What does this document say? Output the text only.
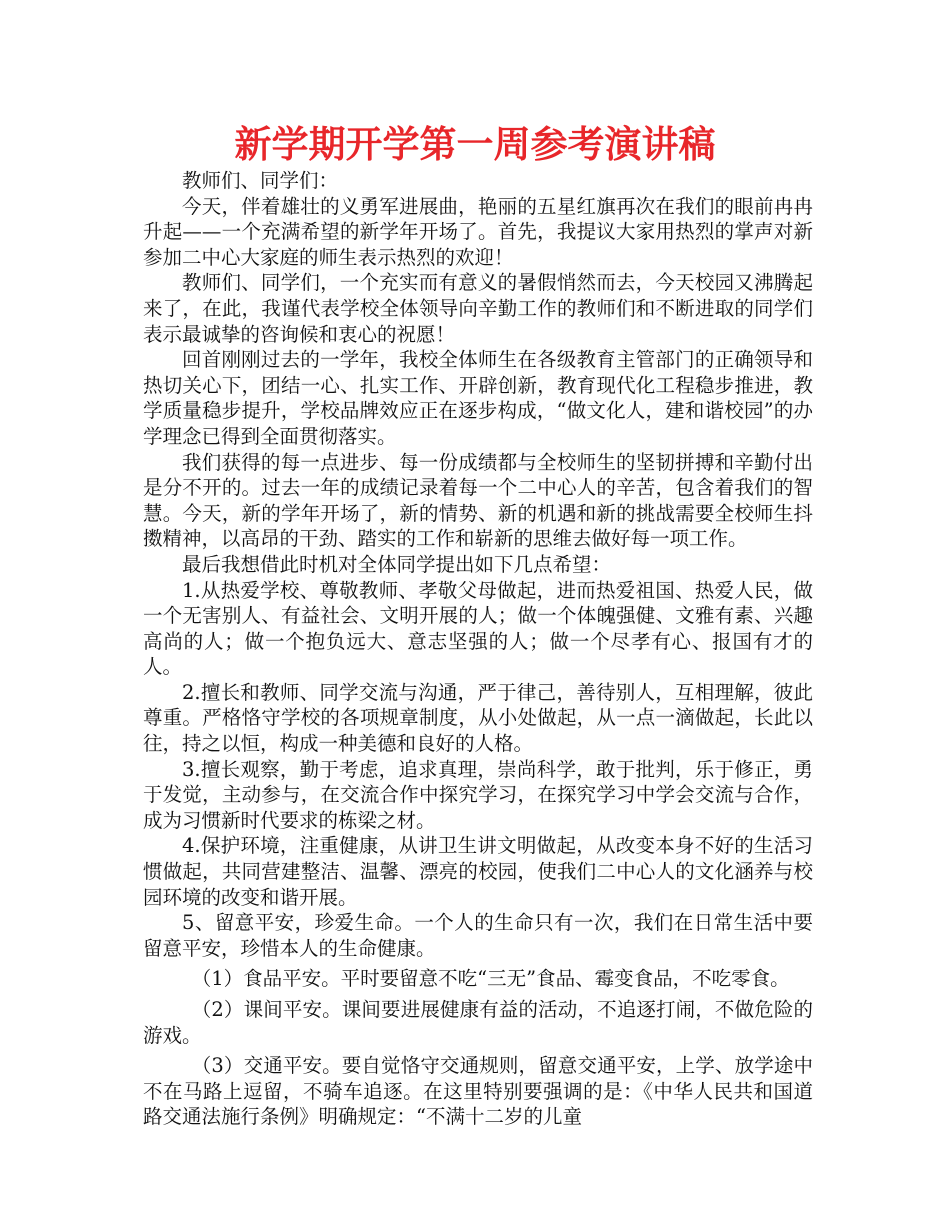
新学期开学第一周参考演讲稿

教师们、同学们：

今天，伴着雄壮的义勇军进展曲，艳丽的五星红旗再次在我们的眼前冉冉升起——一个充满希望的新学年开场了。首先，我提议大家用热烈的掌声对新参加二中心大家庭的师生表示热烈的欢迎！

教师们、同学们，一个充实而有意义的暑假悄然而去，今天校园又沸腾起来了，在此，我谨代表学校全体领导向辛勤工作的教师们和不断进取的同学们表示最诚挚的咨询候和衷心的祝愿！

回首刚刚过去的一学年，我校全体师生在各级教育主管部门的正确领导和热切关心下，团结一心、扎实工作、开辟创新，教育现代化工程稳步推进，教学质量稳步提升，学校品牌效应正在逐步构成，“做文化人，建和谐校园”的办学理念已得到全面贯彻落实。

我们获得的每一点进步、每一份成绩都与全校师生的坚韧拼搏和辛勤付出是分不开的。过去一年的成绩记录着每一个二中心人的辛苦，包含着我们的智慧。今天，新的学年开场了，新的情势、新的机遇和新的挑战需要全校师生抖擞精神，以高昂的干劲、踏实的工作和崭新的思维去做好每一项工作。

最后我想借此时机对全体同学提出如下几点希望：

1.从热爱学校、尊敬教师、孝敬父母做起，进而热爱祖国、热爱人民，做一个无害别人、有益社会、文明开展的人；做一个体魄强健、文雅有素、兴趣高尚的人；做一个抱负远大、意志坚强的人；做一个尽孝有心、报国有才的人。

2.擅长和教师、同学交流与沟通，严于律己，善待别人，互相理解，彼此尊重。严格恪守学校的各项规章制度，从小处做起，从一点一滴做起，长此以往，持之以恒，构成一种美德和良好的人格。

3.擅长观察，勤于考虑，追求真理，崇尚科学，敢于批判，乐于修正，勇于发觉，主动参与，在交流合作中探究学习，在探究学习中学会交流与合作，成为习惯新时代要求的栋梁之材。

4.保护环境，注重健康，从讲卫生讲文明做起，从改变本身不好的生活习惯做起，共同营建整洁、温馨、漂亮的校园，使我们二中心人的文化涵养与校园环境的改变和谐开展。

5、留意平安，珍爱生命。一个人的生命只有一次，我们在日常生活中要留意平安，珍惜本人的生命健康。

（1）食品平安。平时要留意不吃“三无”食品、霉变食品，不吃零食。

（2）课间平安。课间要进展健康有益的活动，不追逐打闹，不做危险的游戏。

（3）交通平安。要自觉恪守交通规则，留意交通平安，上学、放学途中不在马路上逗留，不骑车追逐。在这里特别要强调的是：《中华人民共和国道路交通法施行条例》明确规定：“不满十二岁的儿童
